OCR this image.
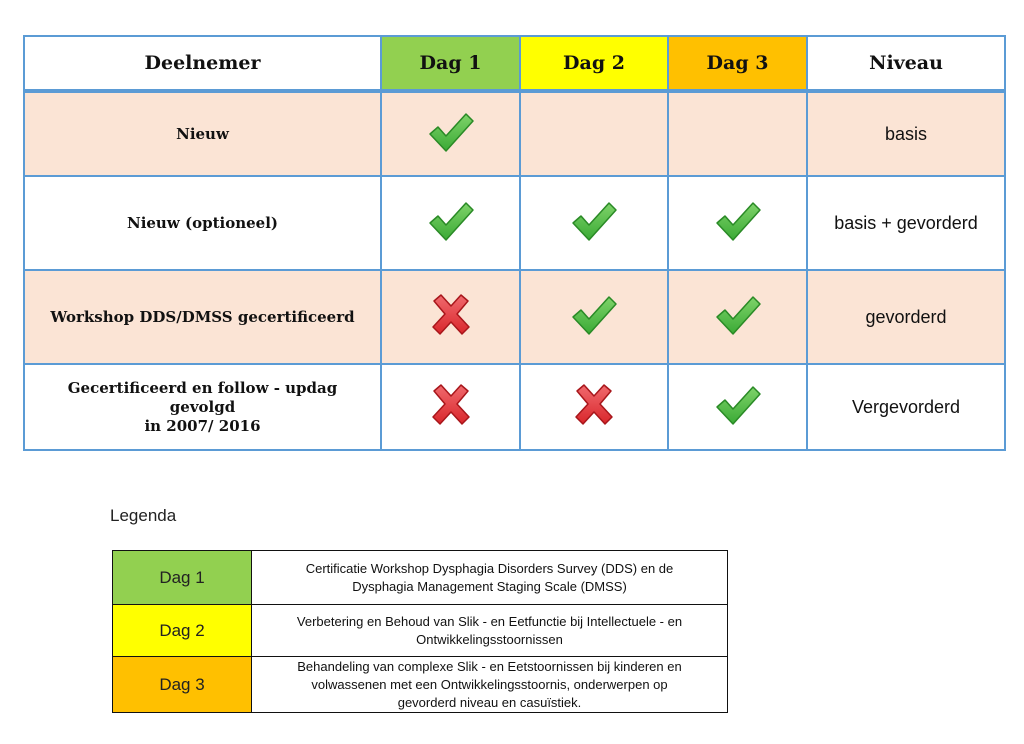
Deelnemer	Dag 1	Dag 2	Dag 3	Niveau
Nieuw				basis
Nieuw (optioneel)				basis + gevorderd
Workshop DDS/DMSS gecertificeerd				gevorderd
Gecertificeerd en follow - updag gevolgd
in 2007/ 2016				Vergevorderd
Legenda
Dag 1	Certificatie Workshop Dysphagia Disorders Survey (DDS) en de
Dysphagia Management Staging Scale (DMSS)
Dag 2	Verbetering en Behoud van Slik - en Eetfunctie bij Intellectuele - en
Ontwikkelingsstoornissen
Dag 3	Behandeling van complexe Slik - en Eetstoornissen bij kinderen en
volwassenen met een Ontwikkelingsstoornis, onderwerpen op
gevorderd niveau en casuïstiek.
